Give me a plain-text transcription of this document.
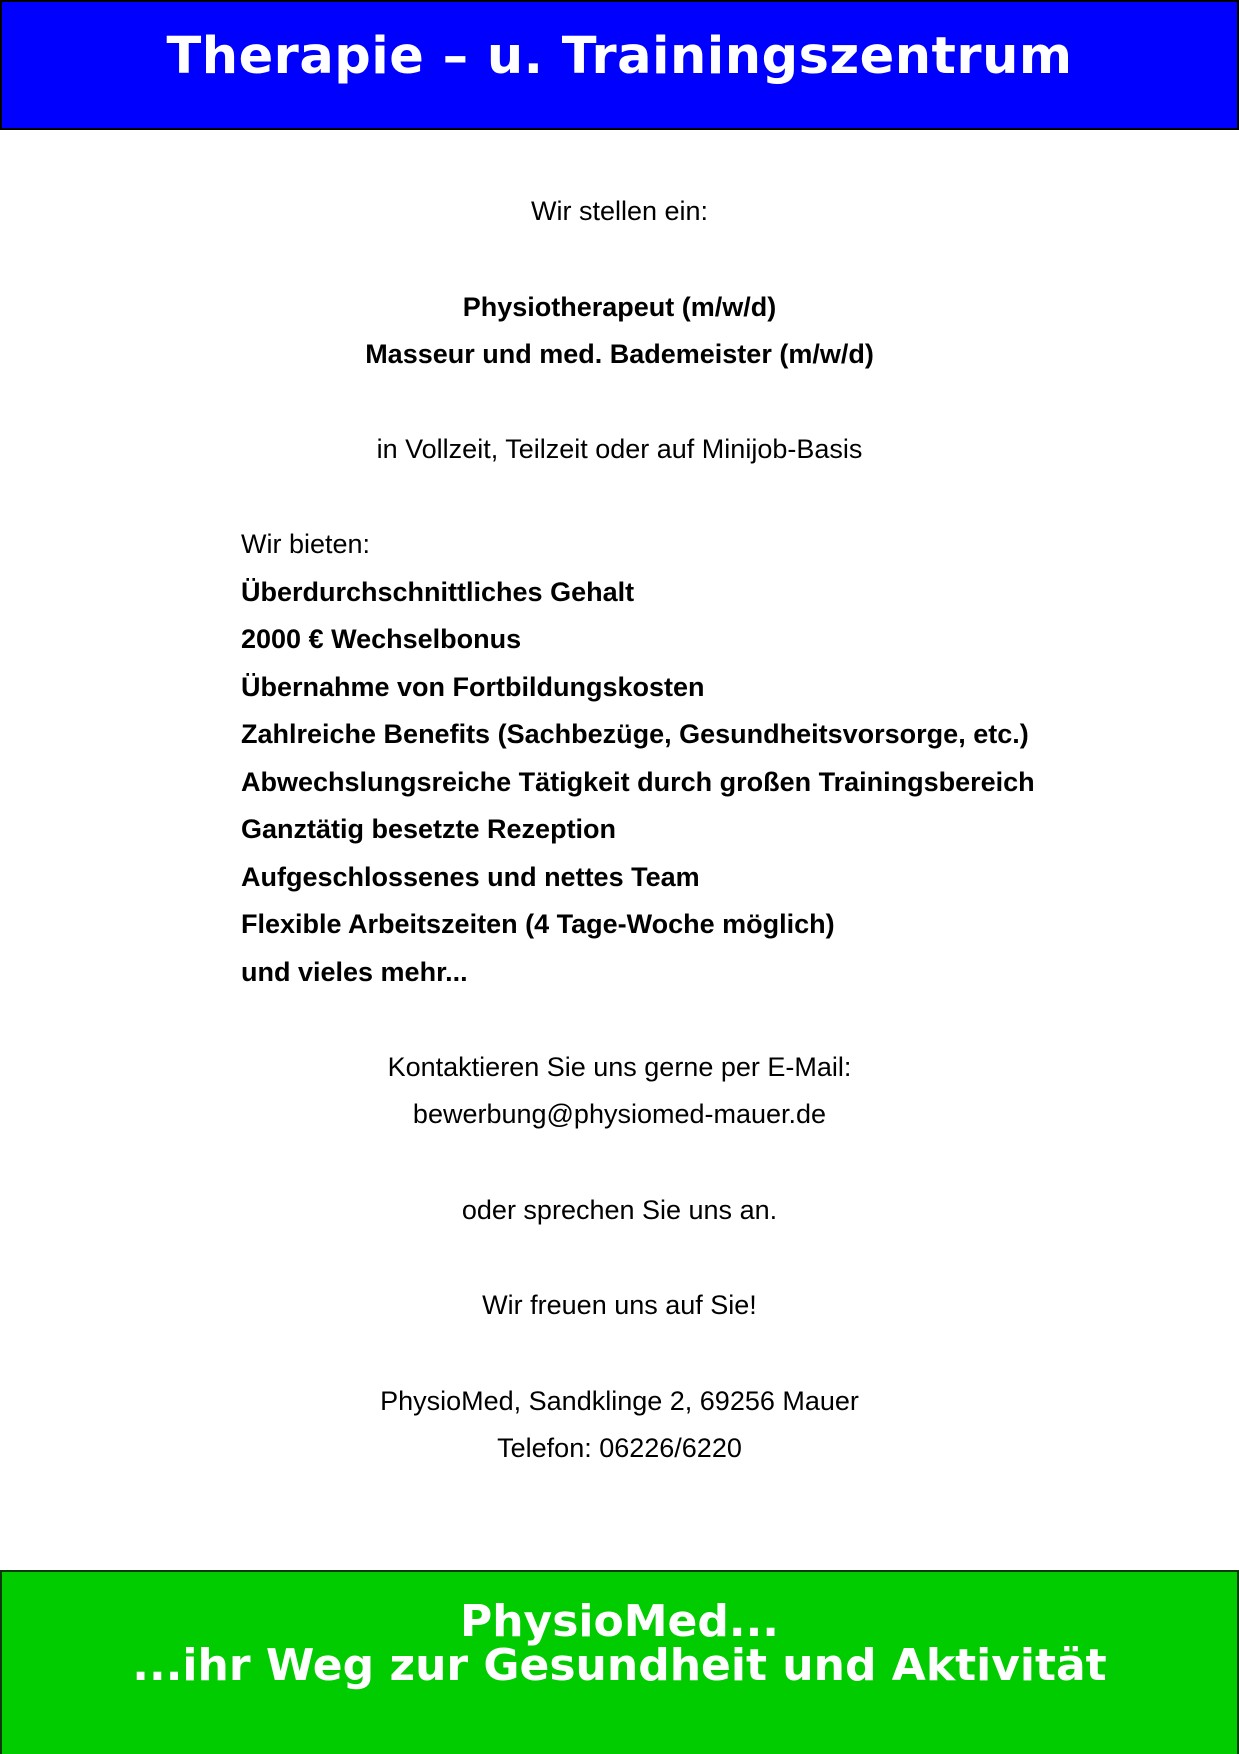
Therapie – u. Trainingszentrum
Wir stellen ein:
Physiotherapeut (m/w/d)
Masseur und med. Bademeister (m/w/d)
in Vollzeit, Teilzeit oder auf Minijob-Basis
Wir bieten:
Überdurchschnittliches Gehalt
2000 € Wechselbonus
Übernahme von Fortbildungskosten
Zahlreiche Benefits (Sachbezüge, Gesundheitsvorsorge, etc.)
Abwechslungsreiche Tätigkeit durch großen Trainingsbereich
Ganztätig besetzte Rezeption
Aufgeschlossenes und nettes Team
Flexible Arbeitszeiten (4 Tage-Woche möglich)
und vieles mehr...
Kontaktieren Sie uns gerne per E-Mail:
bewerbung@physiomed-mauer.de
oder sprechen Sie uns an.
Wir freuen uns auf Sie!
PhysioMed, Sandklinge 2, 69256 Mauer
Telefon: 06226/6220
PhysioMed...
...ihr Weg zur Gesundheit und Aktivität
